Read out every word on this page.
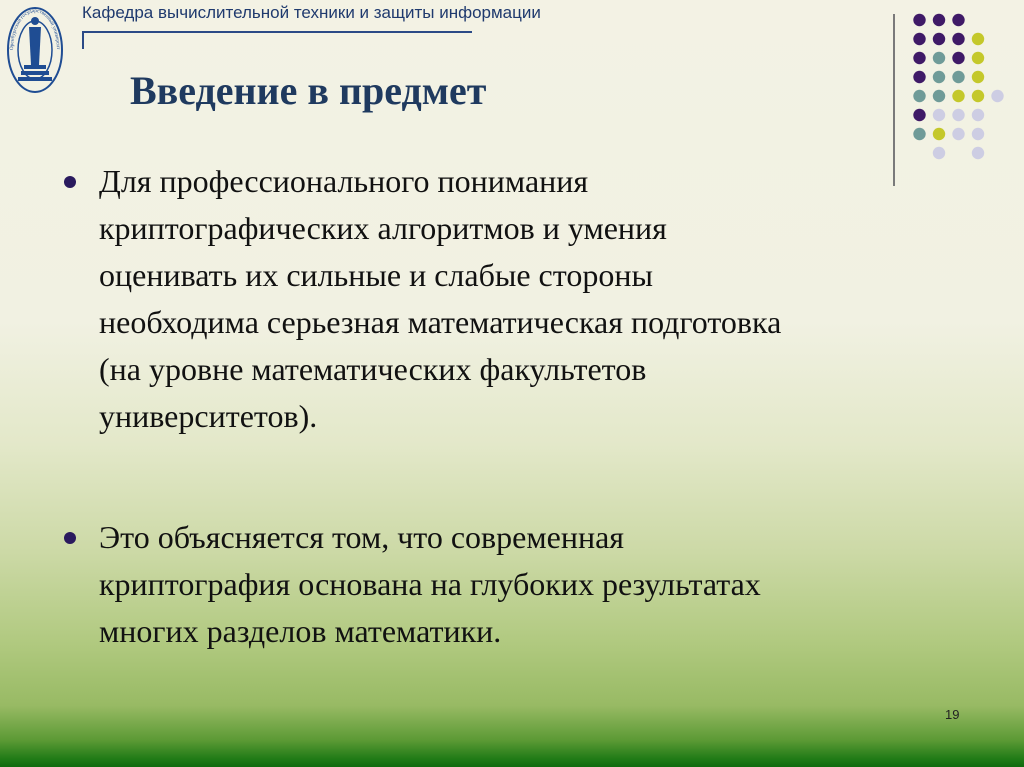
Оренбургский государственный университ
Кафедра вычислительной техники и защиты информации
Введение в предмет
Для профессионального понимания
криптографических алгоритмов и умения
оценивать их сильные и слабые стороны
необходима серьезная математическая подготовка
(на уровне математических факультетов
университетов).
Это объясняется том, что современная
криптография основана на глубоких результатах
многих разделов математики.
19
